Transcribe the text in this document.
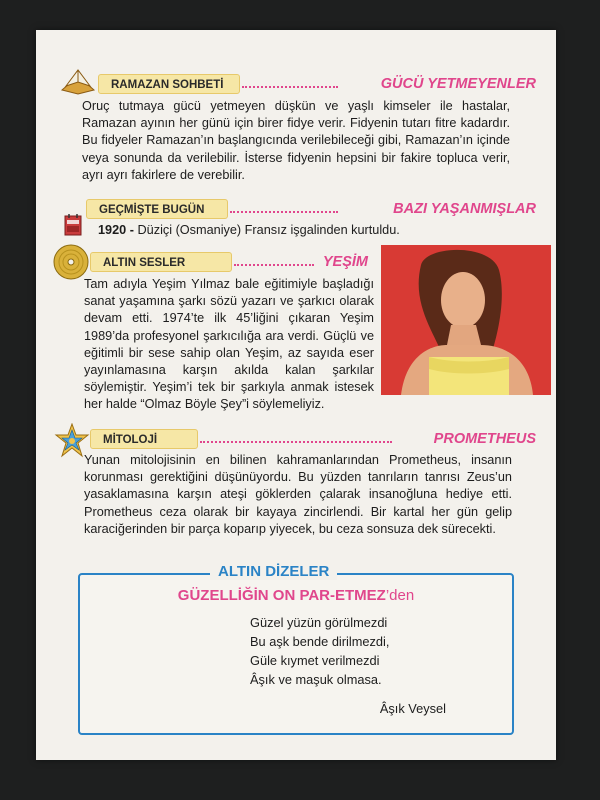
RAMAZAN SOHBETİ	GÜCÜ YETMEYENLER
Oruç tutmaya gücü yetmeyen düşkün ve yaşlı kimseler ile hastalar, Ramazan ayının her günü için birer fidye verir. Fidyenin tutarı fitre kadardır. Bu fidyeler Ramazan’ın başlangıcında verilebileceği gibi, Ramazan’ın içinde veya sonunda da verilebilir. İsterse fidyenin hepsini bir fakire topluca verir, ayrı ayrı fakirlere de verebilir.
GEÇMİŞTE BUGÜN	BAZI YAŞANMIŞLAR
1920 - Düziçi (Osmaniye) Fransız işgalinden kurtuldu.
ALTIN SESLER	YEŞİM
Tam adıyla Yeşim Yılmaz bale eğitimiyle başladığı sanat yaşamına şarkı sözü yazarı ve şarkıcı olarak devam etti. 1974’te ilk 45’liğini çıkaran Yeşim 1989’da profesyonel şarkıcılığa ara verdi. Güçlü ve eğitimli bir sese sahip olan Yeşim, az sayıda eser yayınlamasına karşın akılda kalan şarkılar söylemiştir. Yeşim’i tek bir şarkıyla anmak istesek her halde “Olmaz Böyle Şey”i söylemeliyiz.
MİTOLOJİ	PROMETHEUS
Yunan mitolojisinin en bilinen kahramanlarından Prometheus, insanın korunması gerektiğini düşünüyordu. Bu yüzden tanrıların tanrısı Zeus’un yasaklamasına karşın ateşi göklerden çalarak insanoğluna hediye etti. Prometheus ceza olarak bir kayaya zincirlendi. Bir kartal her gün gelip karaciğerinden bir parça koparıp yiyecek, bu ceza sonsuza dek sürecekti.
ALTIN DİZELER
GÜZELLİĞİN ON PAR-ETMEZ’den
Güzel yüzün görülmezdi
Bu aşk bende dirilmezdi,
Güle kıymet verilmezdi
Âşık ve maşuk olmasa.
Âşık Veysel
